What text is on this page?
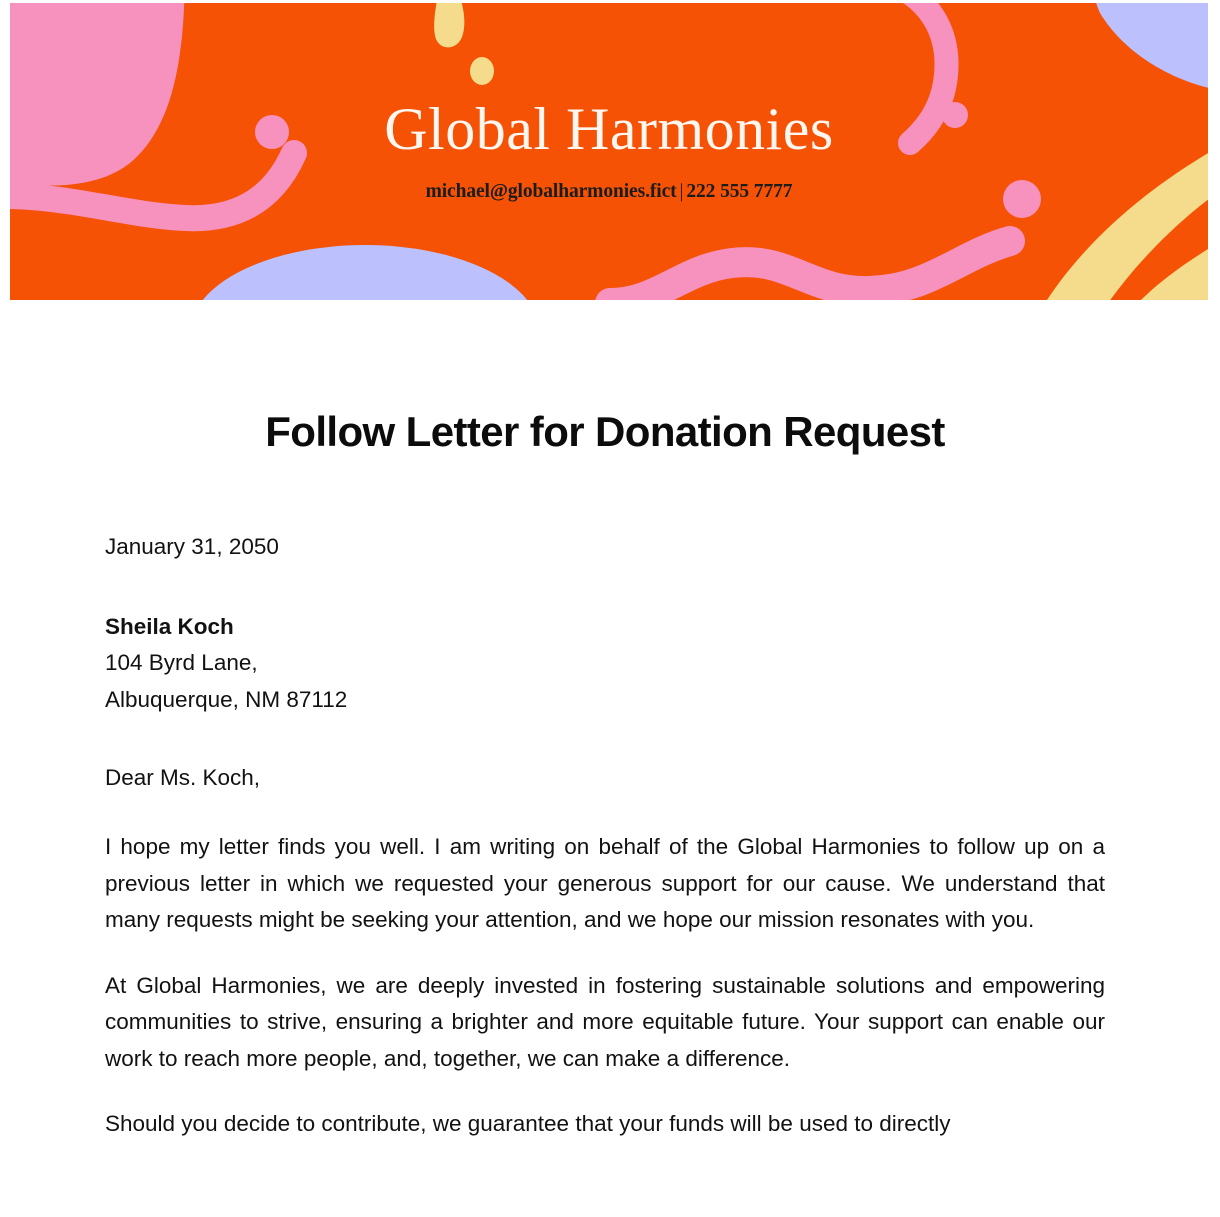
Global Harmonies
michael@globalharmonies.fict | 222 555 7777
Follow Letter for Donation Request
January 31, 2050
Sheila Koch
104 Byrd Lane,
Albuquerque, NM 87112
Dear Ms. Koch,

I hope my letter finds you well. I am writing on behalf of the Global Harmonies to follow up on a previous letter in which we requested your generous support for our cause. We understand that many requests might be seeking your attention, and we hope our mission resonates with you.

At Global Harmonies, we are deeply invested in fostering sustainable solutions and empowering communities to strive, ensuring a brighter and more equitable future. Your support can enable our work to reach more people, and, together, we can make a difference.

Should you decide to contribute, we guarantee that your funds will be used to directly
